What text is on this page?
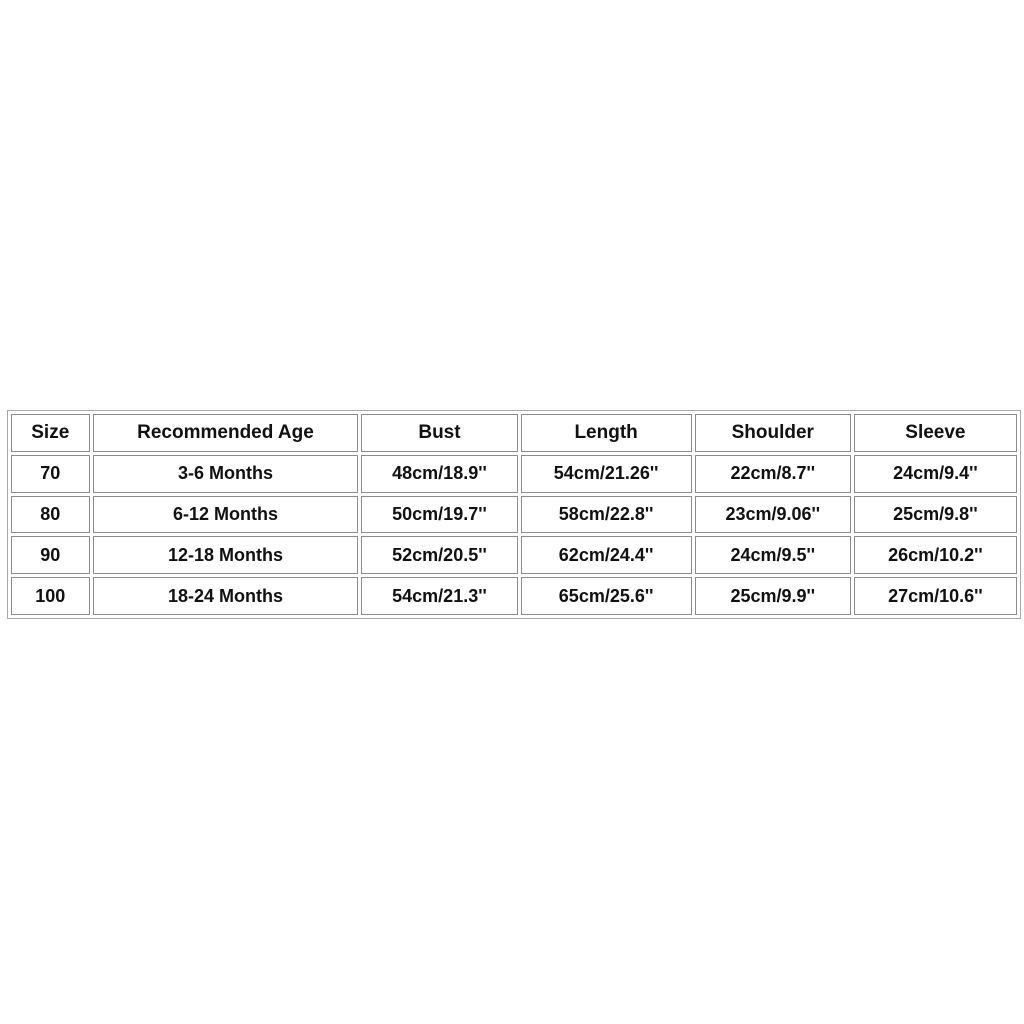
Size	Recommended Age	Bust	Length	Shoulder	Sleeve
70	3-6 Months	48cm/18.9''	54cm/21.26''	22cm/8.7''	24cm/9.4''
80	6-12 Months	50cm/19.7''	58cm/22.8''	23cm/9.06''	25cm/9.8''
90	12-18 Months	52cm/20.5''	62cm/24.4''	24cm/9.5''	26cm/10.2''
100	18-24 Months	54cm/21.3''	65cm/25.6''	25cm/9.9''	27cm/10.6''
